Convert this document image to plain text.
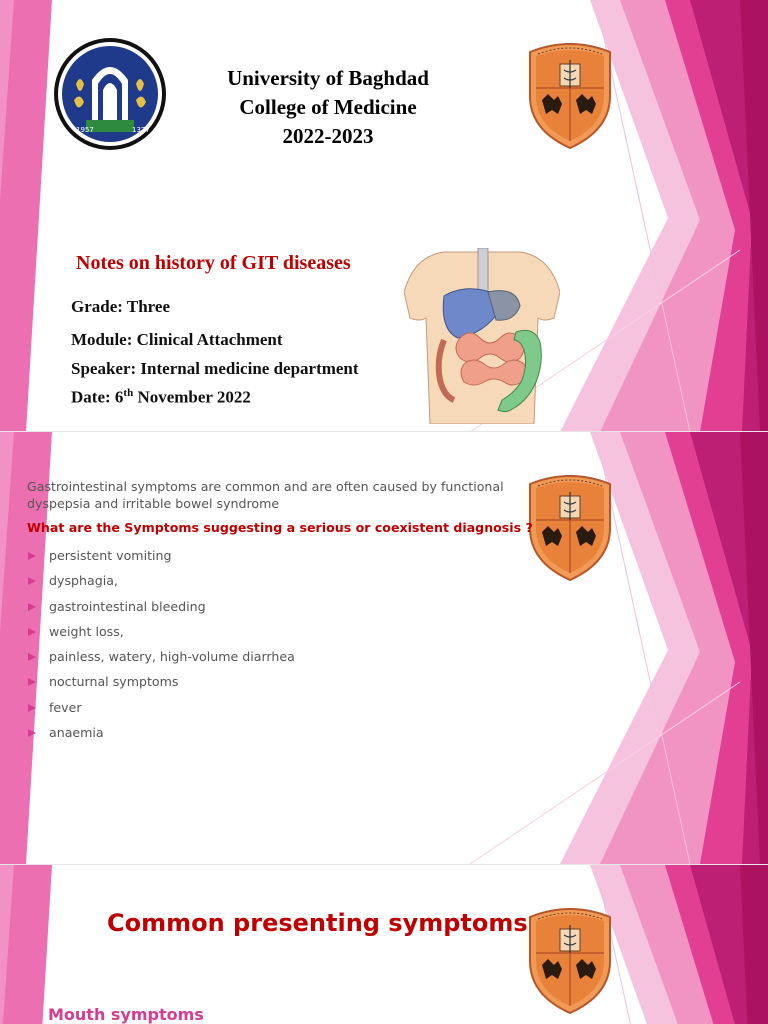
1957	1377
University of Baghdad
College of Medicine
2022-2023
Notes on history of GIT diseases
Grade: Three
Module: Clinical Attachment
Speaker: Internal medicine department
Date: 6th November 2022
Gastrointestinal symptoms are common and are often caused by functional dyspepsia and irritable bowel syndrome
What are the Symptoms suggesting a serious or coexistent diagnosis ?
persistent vomiting
dysphagia,
gastrointestinal bleeding
weight loss,
painless, watery, high-volume diarrhea
nocturnal symptoms
fever
anaemia
Common presenting symptoms
Mouth symptoms
